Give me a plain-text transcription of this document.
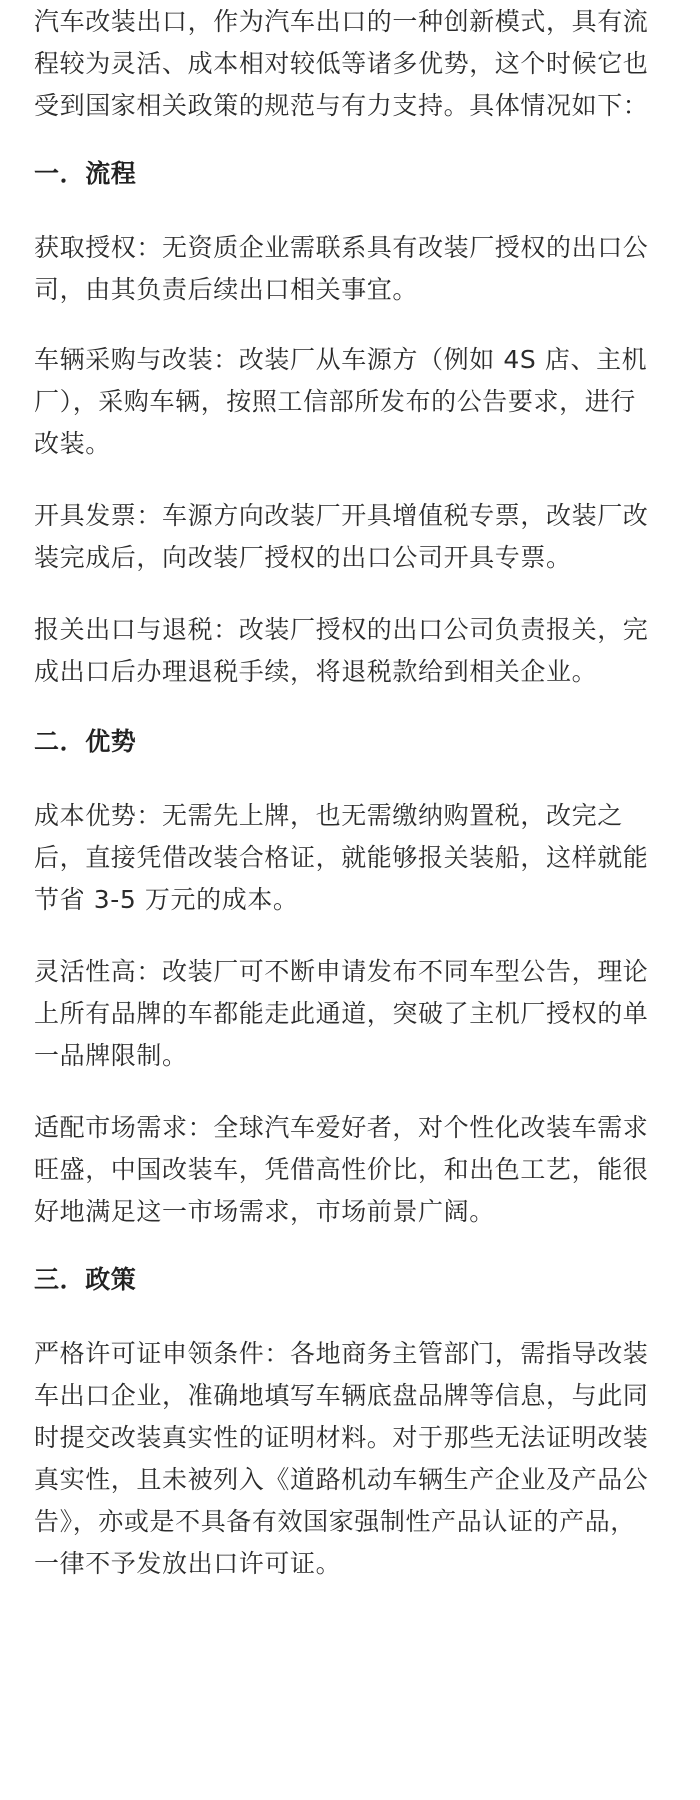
汽车改装出口，作为汽车出口的一种创新模式，具有流
程较为灵活、成本相对较低等诸多优势，这个时候它也
受到国家相关政策的规范与有力支持。具体情况如下：
一．流程
获取授权：无资质企业需联系具有改装厂授权的出口公
司，由其负责后续出口相关事宜。
车辆采购与改装：改装厂从车源方（例如 4S 店、主机
厂），采购车辆，按照工信部所发布的公告要求，进行
改装。
开具发票：车源方向改装厂开具增值税专票，改装厂改
装完成后，向改装厂授权的出口公司开具专票。
报关出口与退税：改装厂授权的出口公司负责报关，完
成出口后办理退税手续，将退税款给到相关企业。
二．优势
成本优势：无需先上牌，也无需缴纳购置税，改完之
后，直接凭借改装合格证，就能够报关装船，这样就能
节省 3-5 万元的成本。
灵活性高：改装厂可不断申请发布不同车型公告，理论
上所有品牌的车都能走此通道，突破了主机厂授权的单
一品牌限制。
适配市场需求：全球汽车爱好者，对个性化改装车需求
旺盛，中国改装车，凭借高性价比，和出色工艺，能很
好地满足这一市场需求，市场前景广阔。
三．政策
严格许可证申领条件：各地商务主管部门，需指导改装
车出口企业，准确地填写车辆底盘品牌等信息，与此同
时提交改装真实性的证明材料。对于那些无法证明改装
真实性，且未被列入《道路机动车辆生产企业及产品公
告》，亦或是不具备有效国家强制性产品认证的产品，
一律不予发放出口许可证。
